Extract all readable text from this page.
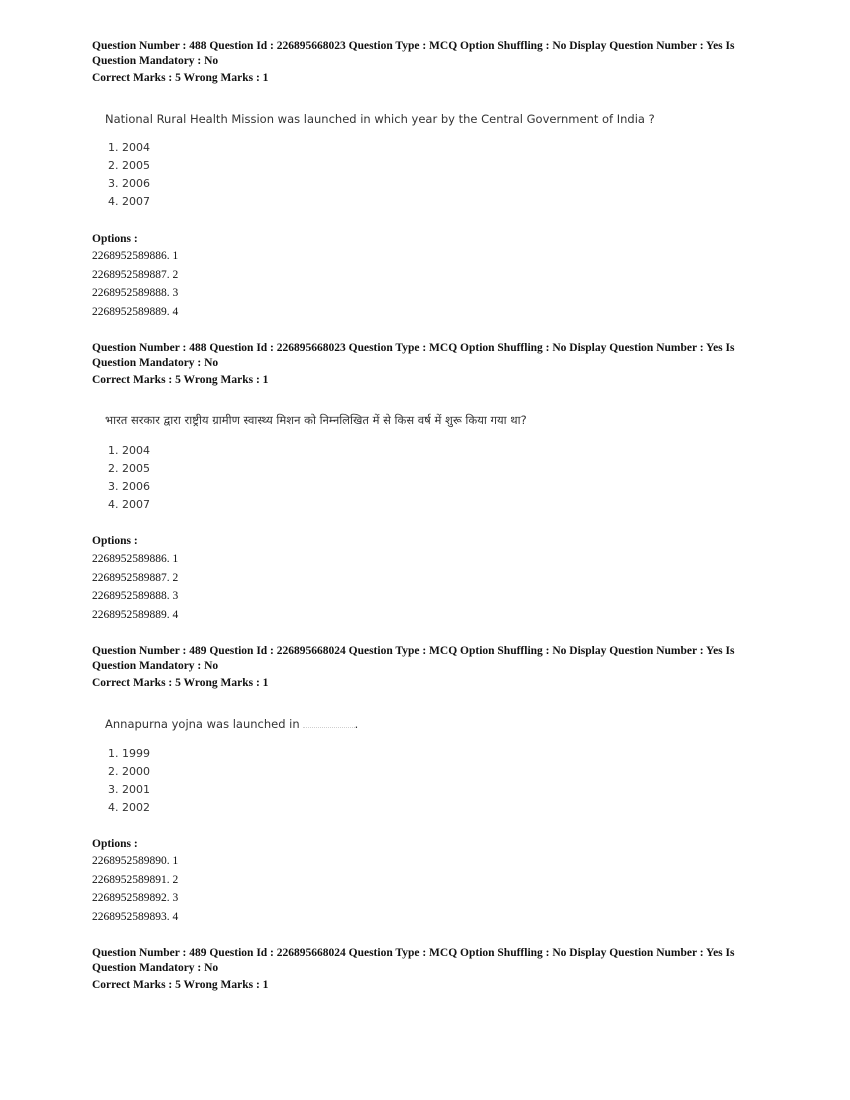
Question Number : 488 Question Id : 226895668023 Question Type : MCQ Option Shuffling : No Display Question Number : Yes Is

Question Mandatory : No

Correct Marks : 5 Wrong Marks : 1

National Rural Health Mission was launched in which year by the Central Government of India ?
1. 2004
2. 2005
3. 2006
4. 2007
Options :
2268952589886. 1
2268952589887. 2
2268952589888. 3
2268952589889. 4

Question Number : 488 Question Id : 226895668023 Question Type : MCQ Option Shuffling : No Display Question Number : Yes Is

Question Mandatory : No

Correct Marks : 5 Wrong Marks : 1

भारत सरकार द्वारा राष्ट्रीय ग्रामीण स्वास्थ्य मिशन को निम्नलिखित में से किस वर्ष में शुरू किया गया था?
1. 2004
2. 2005
3. 2006
4. 2007
Options :
2268952589886. 1
2268952589887. 2
2268952589888. 3
2268952589889. 4

Question Number : 489 Question Id : 226895668024 Question Type : MCQ Option Shuffling : No Display Question Number : Yes Is

Question Mandatory : No

Correct Marks : 5 Wrong Marks : 1

Annapurna yojna was launched in	.
1. 1999
2. 2000
3. 2001
4. 2002
Options :
2268952589890. 1
2268952589891. 2
2268952589892. 3
2268952589893. 4

Question Number : 489 Question Id : 226895668024 Question Type : MCQ Option Shuffling : No Display Question Number : Yes Is

Question Mandatory : No

Correct Marks : 5 Wrong Marks : 1
